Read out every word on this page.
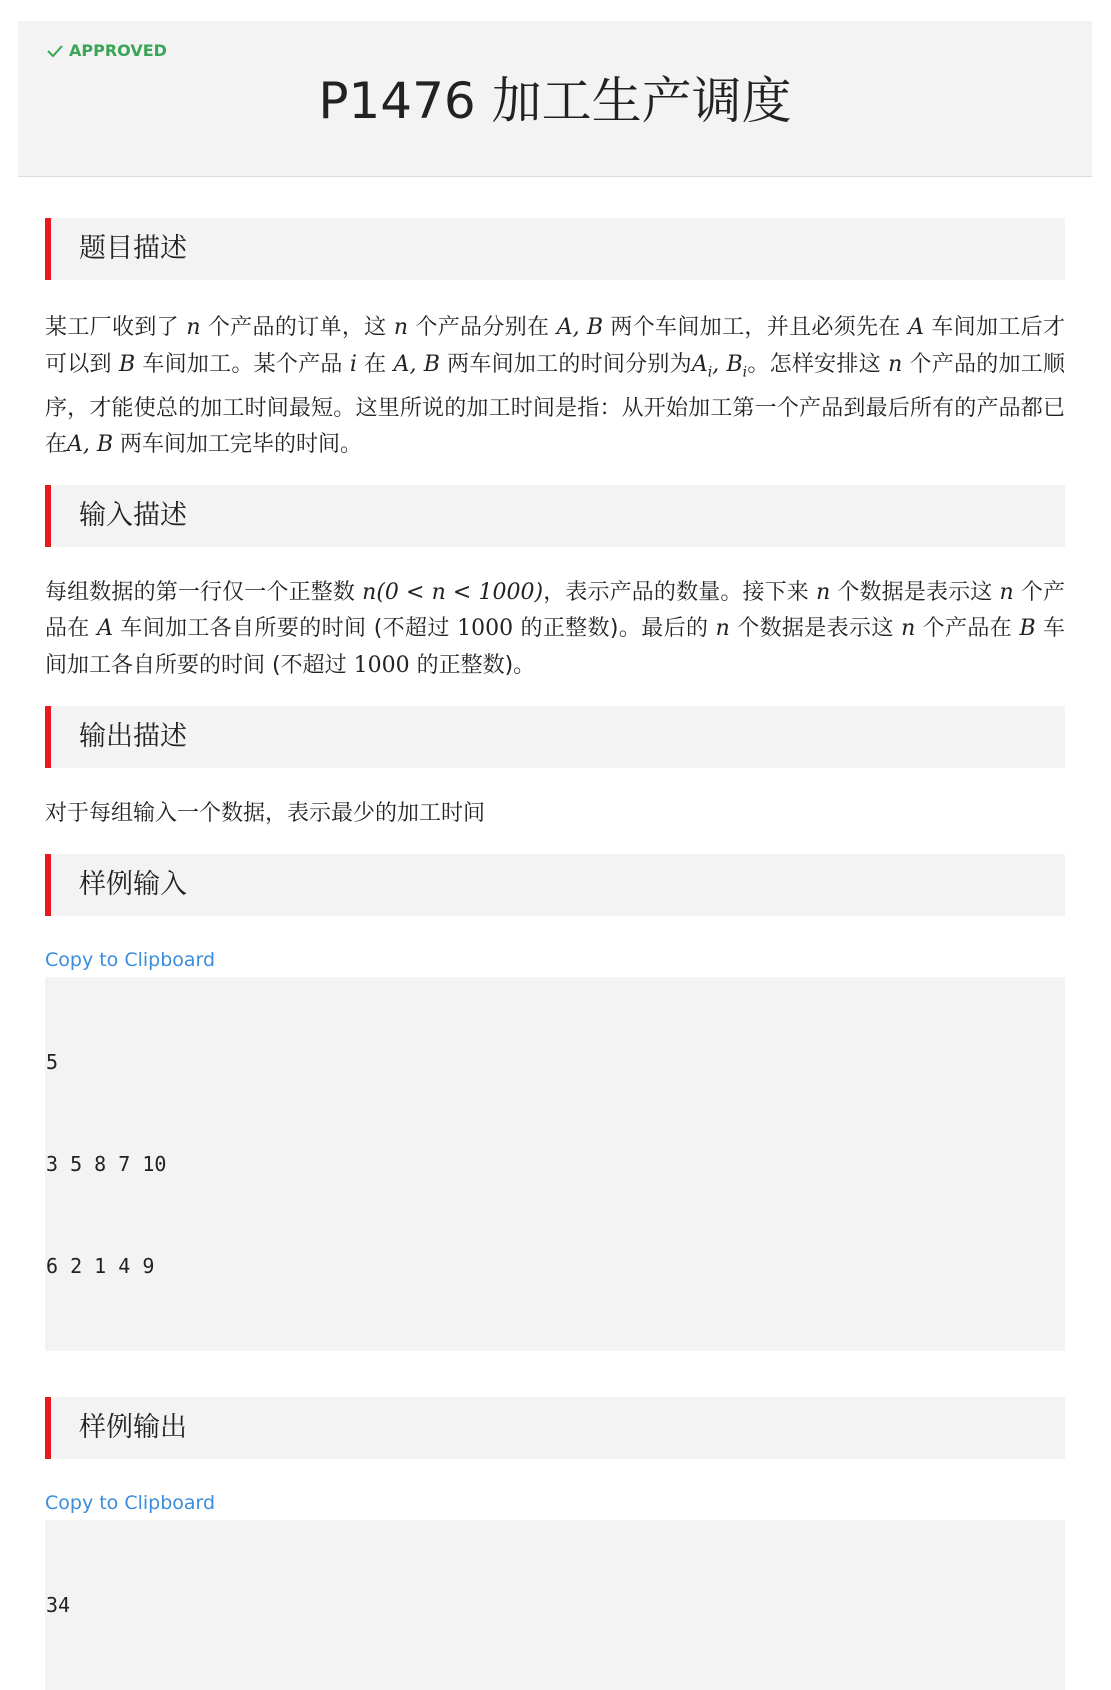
APPROVED
P1476 加工生产调度
题目描述

某工厂收到了 n 个产品的订单，这 n 个产品分别在 A, B 两个车间加工，并且必须先在 A 车间加工后才可以到 B 车间加工。某个产品 i 在 A, B 两车间加工的时间分别为$A_i$, $B_i$。怎样安排这 n 个产品的加工顺序，才能使总的加工时间最短。这里所说的加工时间是指：从开始加工第一个产品到最后所有的产品都已在A, B 两车间加工完毕的时间。

输入描述

每组数据的第一行仅一个正整数 n(0 < n < 1000)，表示产品的数量。接下来 n 个数据是表示这 n 个产品在 A 车间加工各自所要的时间 (不超过 1000 的正整数)。最后的 n 个数据是表示这 n 个产品在 B 车间加工各自所要的时间 (不超过 1000 的正整数)。

输出描述

对于每组输入一个数据，表示最少的加工时间

样例输入
Copy to Clipboard

5

3 5 8 7 10

6 2 1 4 9

样例输出
Copy to Clipboard

34
